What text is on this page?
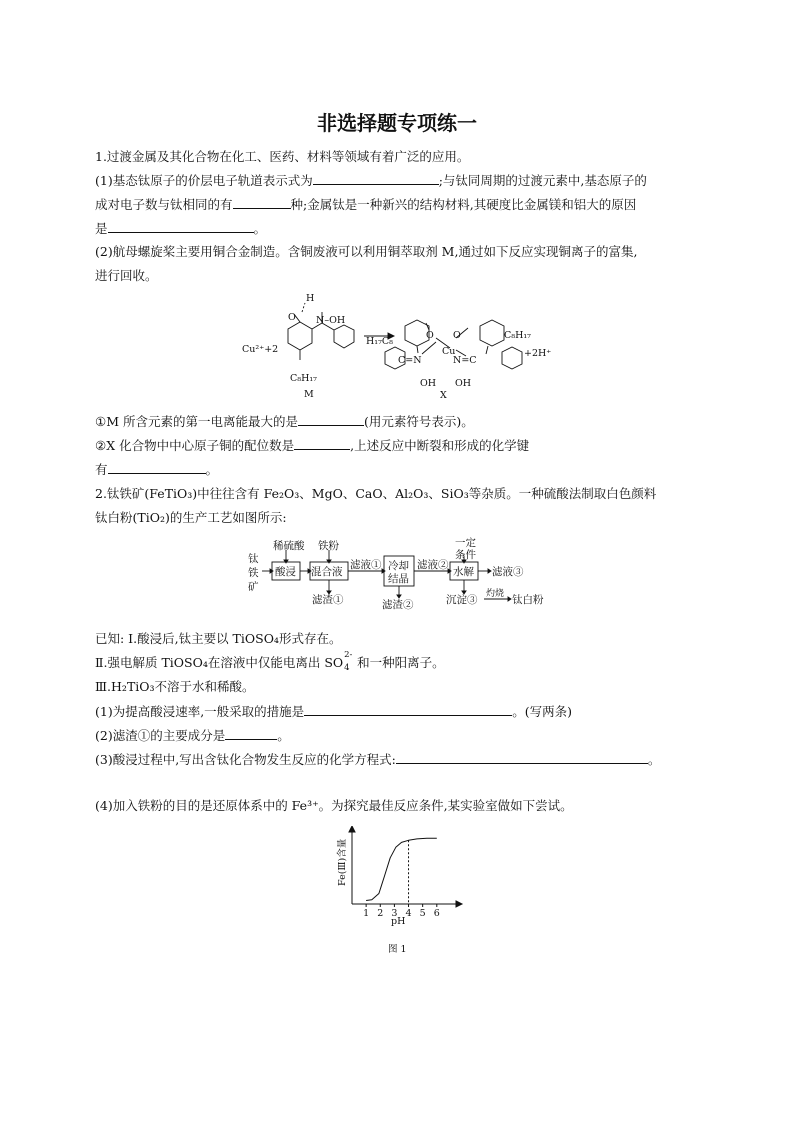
非选择题专项练一
1.过渡金属及其化合物在化工、医药、材料等领域有着广泛的应用。
(1)基态钛原子的价层电子轨道表示式为	;与钛同周期的过渡元素中,基态原子的
成对电子数与钛相同的有	种;金属钛是一种新兴的结构材料,其硬度比金属镁和铝大的原因
是	。
(2)航母螺旋桨主要用铜合金制造。含铜废液可以利用铜萃取剂 M,通过如下反应实现铜离子的富集,
进行回收。
H
N–OH
O
Cu²⁺+2
C₈H₁₇
M
H₁₇C₈
O
Cu
O
C=N	N=C
OH OH
X
C₈H₁₇
+2H⁺
①M 所含元素的第一电离能最大的是	(用元素符号表示)。
②X 化合物中中心原子铜的配位数是	,上述反应中断裂和形成的化学键
有	。
2.钛铁矿(FeTiO₃)中往往含有 Fe₂O₃、MgO、CaO、Al₂O₃、SiO₃等杂质。一种硫酸法制取白色颜料
钛白粉(TiO₂)的生产工艺如图所示:
稀硫酸 铁粉
钛
铁
矿
酸浸 混合液
滤液① 冷却
结晶
滤液②
一定
条件
水解 滤液③
滤渣①	滤渣②	沉淀③ 灼烧 钛白粉
已知: Ⅰ.酸浸后,钛主要以 TiOSO₄形式存在。
Ⅱ.强电解质 TiOSO₄在溶液中仅能电离出 SO 2-
4 和一种阳离子。
Ⅲ.H₂TiO₃不溶于水和稀酸。
(1)为提高酸浸速率,一般采取的措施是	。(写两条)
(2)滤渣①的主要成分是	。
(3)酸浸过程中,写出含钛化合物发生反应的化学方程式:	。
(4)加入铁粉的目的是还原体系中的 Fe³⁺。为探究最佳反应条件,某实验室做如下尝试。
Fe(Ⅲ)含量
pH
图 1
1 2 3 4 5 6
